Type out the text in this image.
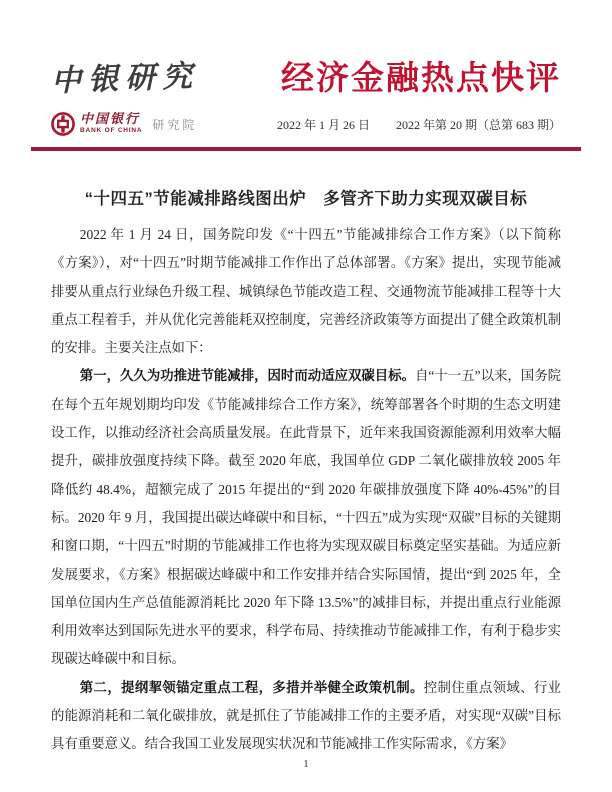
中银研究 经济金融热点快评
中国银行
BANK OF CHINA 研究院	2022 年 1 月 26 日 2022 年第 20 期（总第 683 期）
“十四五”节能减排路线图出炉　多管齐下助力实现双碳目标

2022 年 1 月 24 日，国务院印发《“十四五”节能减排综合工作方案》（以下简称《方案》），对“十四五”时期节能减排工作作出了总体部署。《方案》提出，实现节能减排要从重点行业绿色升级工程、城镇绿色节能改造工程、交通物流节能减排工程等十大重点工程着手，并从优化完善能耗双控制度，完善经济政策等方面提出了健全政策机制的安排。主要关注点如下：

第一，久久为功推进节能减排，因时而动适应双碳目标。自“十一五”以来，国务院在每个五年规划期均印发《节能减排综合工作方案》，统筹部署各个时期的生态文明建设工作，以推动经济社会高质量发展。在此背景下，近年来我国资源能源利用效率大幅提升，碳排放强度持续下降。截至 2020 年底，我国单位 GDP 二氧化碳排放较 2005 年降低约 48.4%，超额完成了 2015 年提出的“到 2020 年碳排放强度下降 40%-45%”的目标。2020 年 9 月，我国提出碳达峰碳中和目标，“十四五”成为实现“双碳”目标的关键期和窗口期，“十四五”时期的节能减排工作也将为实现双碳目标奠定坚实基础。为适应新发展要求，《方案》根据碳达峰碳中和工作安排并结合实际国情，提出“到 2025 年，全国单位国内生产总值能源消耗比 2020 年下降 13.5%”的减排目标，并提出重点行业能源利用效率达到国际先进水平的要求，科学布局、持续推动节能减排工作，有利于稳步实现碳达峰碳中和目标。

第二，提纲挈领锚定重点工程，多措并举健全政策机制。控制住重点领域、行业的能源消耗和二氧化碳排放，就是抓住了节能减排工作的主要矛盾，对实现“双碳”目标具有重要意义。结合我国工业发展现实状况和节能减排工作实际需求，《方案》

1
